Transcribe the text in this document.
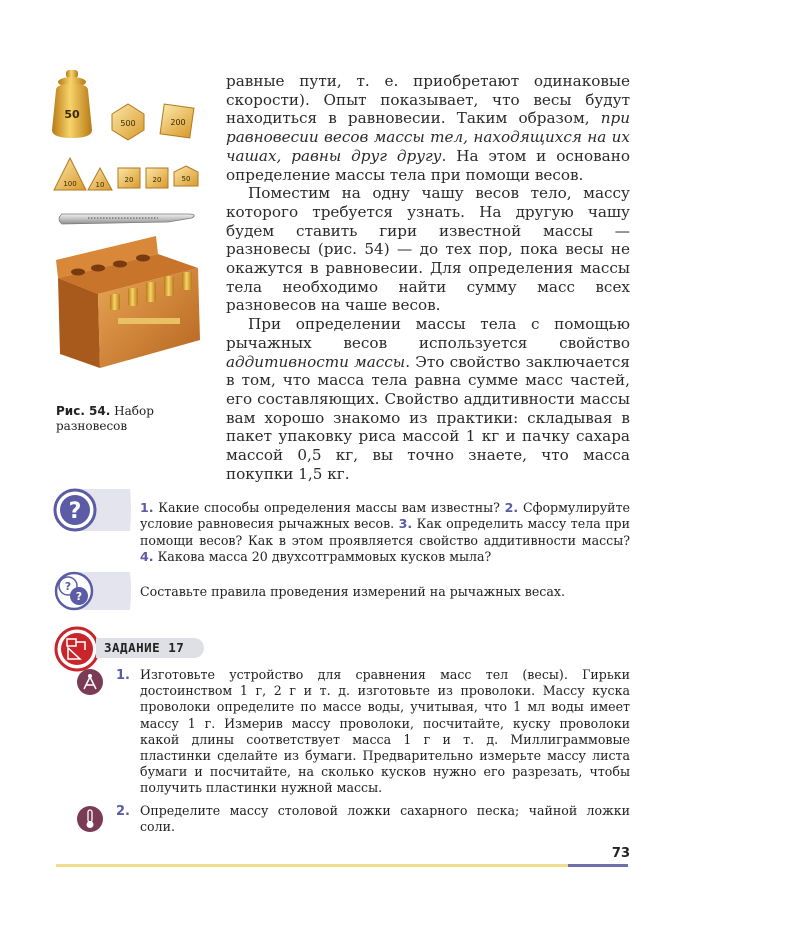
равные пути, т. е. приобретают одинаковые скорости). Опыт показывает, что весы будут находиться в равновесии. Таким образом, при равновесии весов массы тел, находящихся на их чашах, равны друг другу. На этом и основано определение массы тела при помощи весов.

Поместим на одну чашу весов тело, массу которого требуется узнать. На другую чашу будем ставить гири известной массы — разновесы (рис. 54) — до тех пор, пока весы не окажутся в равновесии. Для определения массы тела необходимо найти сумму масс всех разновесов на чаше весов.

При определении массы тела с помощью рычажных весов используется свойство аддитивности массы. Это свойство заключается в том, что масса тела равна сумме масс частей, его составляющих. Свойство аддитивности массы вам хорошо знакомо из практики: складывая в пакет упаковку риса массой 1 кг и пачку сахара массой 0,5 кг, вы точно знаете, что масса покупки 1,5 кг.

50
500	200
100	10
20	20	50
Рис. 54. Набор разновесов
?	1. Какие способы определения массы вам известны? 2. Сформулируйте условие равновесия рычажных весов. 3. Как определить массу тела при помощи весов? Как в этом проявляется свойство аддитивности массы? 4. Какова масса 20 двухсотграммовых кусков мыла?
?
?	Составьте правила проведения измерений на рычажных весах.
ЗАДАНИЕ 17
1. Изготовьте устройство для сравнения масс тел (весы). Гирьки достоинством 1 г, 2 г и т. д. изготовьте из проволоки. Массу куска проволоки определите по массе воды, учитывая, что 1 мл воды имеет массу 1 г. Измерив массу проволоки, посчитайте, куску проволоки какой длины соответствует масса 1 г и т. д. Миллиграммовые пластинки сделайте из бумаги. Предварительно измерьте массу листа бумаги и посчитайте, на сколько кусков нужно его разрезать, чтобы получить пластинки нужной массы.
2. Определите массу столовой ложки сахарного песка; чайной ложки соли.
73
